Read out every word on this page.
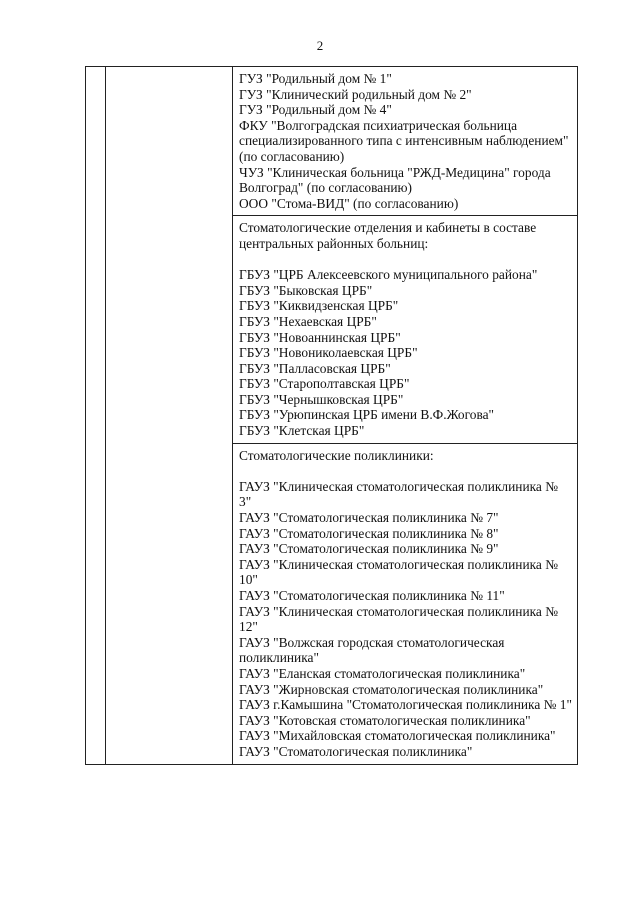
2

ГУЗ "Родильный дом № 1"
ГУЗ "Клинический родильный дом № 2"
ГУЗ "Родильный дом № 4"
ФКУ "Волгоградская психиатрическая больница специализированного типа с интенсивным наблюдением" (по согласованию)
ЧУЗ "Клиническая больница "РЖД-Медицина" города Волгоград" (по согласованию)
ООО "Стома-ВИД" (по согласованию)

Стоматологические отделения и кабинеты в составе центральных районных больниц:
ГБУЗ "ЦРБ Алексеевского муниципального района"
ГБУЗ "Быковская ЦРБ"
ГБУЗ "Киквидзенская ЦРБ"
ГБУЗ "Нехаевская ЦРБ"
ГБУЗ "Новоаннинская ЦРБ"
ГБУЗ "Новониколаевская ЦРБ"
ГБУЗ "Палласовская ЦРБ"
ГБУЗ "Старополтавская ЦРБ"
ГБУЗ "Чернышковская ЦРБ"
ГБУЗ "Урюпинская ЦРБ имени В.Ф.Жогова"
ГБУЗ "Клетская ЦРБ"

Стоматологические поликлиники:
ГАУЗ "Клиническая стоматологическая поликлиника № 3"
ГАУЗ "Стоматологическая поликлиника № 7"
ГАУЗ "Стоматологическая поликлиника № 8"
ГАУЗ "Стоматологическая поликлиника № 9"
ГАУЗ "Клиническая стоматологическая поликлиника № 10"
ГАУЗ "Стоматологическая поликлиника № 11"
ГАУЗ "Клиническая стоматологическая поликлиника № 12"
ГАУЗ "Волжская городская стоматологическая поликлиника"
ГАУЗ "Еланская стоматологическая поликлиника"
ГАУЗ "Жирновская стоматологическая поликлиника"
ГАУЗ г.Камышина "Стоматологическая поликлиника № 1"
ГАУЗ "Котовская стоматологическая поликлиника"
ГАУЗ "Михайловская стоматологическая поликлиника"
ГАУЗ "Стоматологическая поликлиника"
